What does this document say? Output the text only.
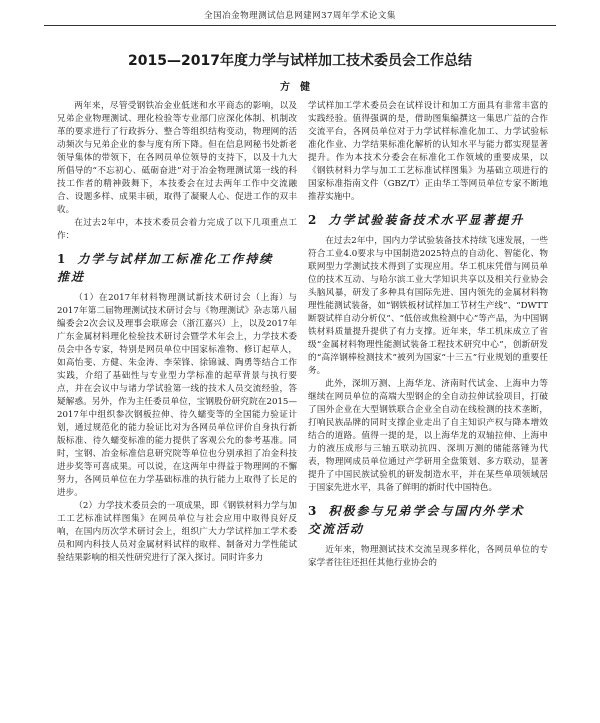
全国冶金物理测试信息网建网37周年学术论文集
2015—2017年度力学与试样加工技术委员会工作总结
方健

两年来，尽管受钢铁冶金业低迷和水平商态的影响，以及兄弟企业物理测试、理化检验等专业部门应深化体制、机制改革的要求进行了行政拆分、整合等组织结构变动，物理网的活动频次与兄弟企业的参与度有所下降。但在信息网秘书处新老领导集体的带领下，在各网员单位领导的支持下，以及十九大所倡导的“不忘初心、砥砺奋进”对于冶金物理测试第一线的科技工作者的精神鼓舞下，本技委会在过去两年工作中交流融合、设题多样、成果丰硕，取得了凝聚人心、促进工作的双丰收。

在过去2年中，本技术委员会着力完成了以下几项重点工作：

1 力学与试样加工标准化工作持续
推进

（1）在2017年材料物理测试新技术研讨会（上海）与2017年第二届物理测试技术研讨会与《物理测试》杂志第八届编委会2次会议及理事会联席会（浙江嘉兴）上，以及2017年广东金属材料理化检验技术研讨会暨学术年会上，力学技术委员会中各专家，特别是网员单位中国家标准物、修订起草人，如高怡斐、方健、朱金涛、李荣锋、徐锦诚、陶勇等结合工作实践，介绍了基础性与专业型力学标准的起草背景与执行要点，并在会议中与诸力学试验第一线的技术人员交流经验，答疑解惑。另外，作为主任委员单位，宝钢股份研究院在2015—2017年中组织参次钢板拉伸、待久蠕变等的全国能力验证计划，通过规范化的能力验证比对为各网员单位评价自身执行新版标准、待久蠕变标准的能力提供了客观公允的参考基准。同时，宝钢、冶金标准信息研究院等单位也分别承担了冶金科技进步奖等可喜成果。可以说，在这两年中得益于物理网的不懈努力，各网员单位在力学基础标准的执行能力上取得了长足的进步。

（2）力学技术委员会的一项成果，即《钢铁材料力学与加工工艺标准试样图集》在网员单位与社会应用中取得良好反响，在国内历次学术研讨会上，组织广大力学试样加工学术委员和网内科技人员对金属材料试样的取样、制备对力学性能试验结果影响的相关性研究进行了深入探讨。同时许多力

学试样加工学术委员会在试样设计和加工方面具有非常丰富的实践经验。值得强调的是，借助图集编撰这一集思广益的合作交流平台，各网员单位对于力学试样标准化加工、力学试验标准化作业、力学结果标准化解析的认知水平与能力都实现显著提升。作为本技术分委会在标准化工作领域的重要成果，以《钢铁材料力学与加工工艺标准试样图集》为基础立项进行的国家标准指南文件（GBZ/T）正由华工等网员单位专家不断地推荐实施中。

2 力学试验装备技术水平显著提升

在过去2年中，国内力学试验装备技术持续飞速发展，一些符合工业4.0要求与中国制造2025特点的自动化、智能化、物联网型力学测试技术得到了实现应用。华工机床凭借与网员单位的技术互动、与哈尔滨工业大学知识共享以及相关行业协会头脑风暴，研发了多种具有国际先进、国内领先的金属材料物理性能测试装备，如“钢铁板材试样加工节材生产线”、“DWTT断裂试样自动分析仪”、“低倍或焦检测中心”等产品，为中国钢铁材料质量提升提供了有力支撑。近年来，华工机床成立了省级“金属材料物理性能测试装备工程技术研究中心”，创新研发的“高淬钢棒检测技术”被列为国家“十三五”行业规划的重要任务。

此外，深圳万测、上海华龙、济南时代试金、上海申力等继续在网员单位的高端大型钢企的全自动拉伸试验项目，打破了国外企业在大型钢铁联合企业全自动在线检测的技术垄断，打响民族品牌的同时支撑企业走出了自主知识产权与降本增效结合的道路。值得一提的是，以上海华龙的双轴拉伸、上海申力的液压成形与三轴五联动抗四、深圳万测的储能落锤为代表，物理网成员单位通过产学研用全盘策划、多方联动，显著提升了中国民族试验机的研发制造水平，并在某些单项领域居于国家先进水平，具备了鲜明的新时代中国特色。

3 积极参与兄弟学会与国内外学术
交流活动

近年来，物理测试技术交流呈现多样化，各网员单位的专家学者往往还担任其他行业协会的
